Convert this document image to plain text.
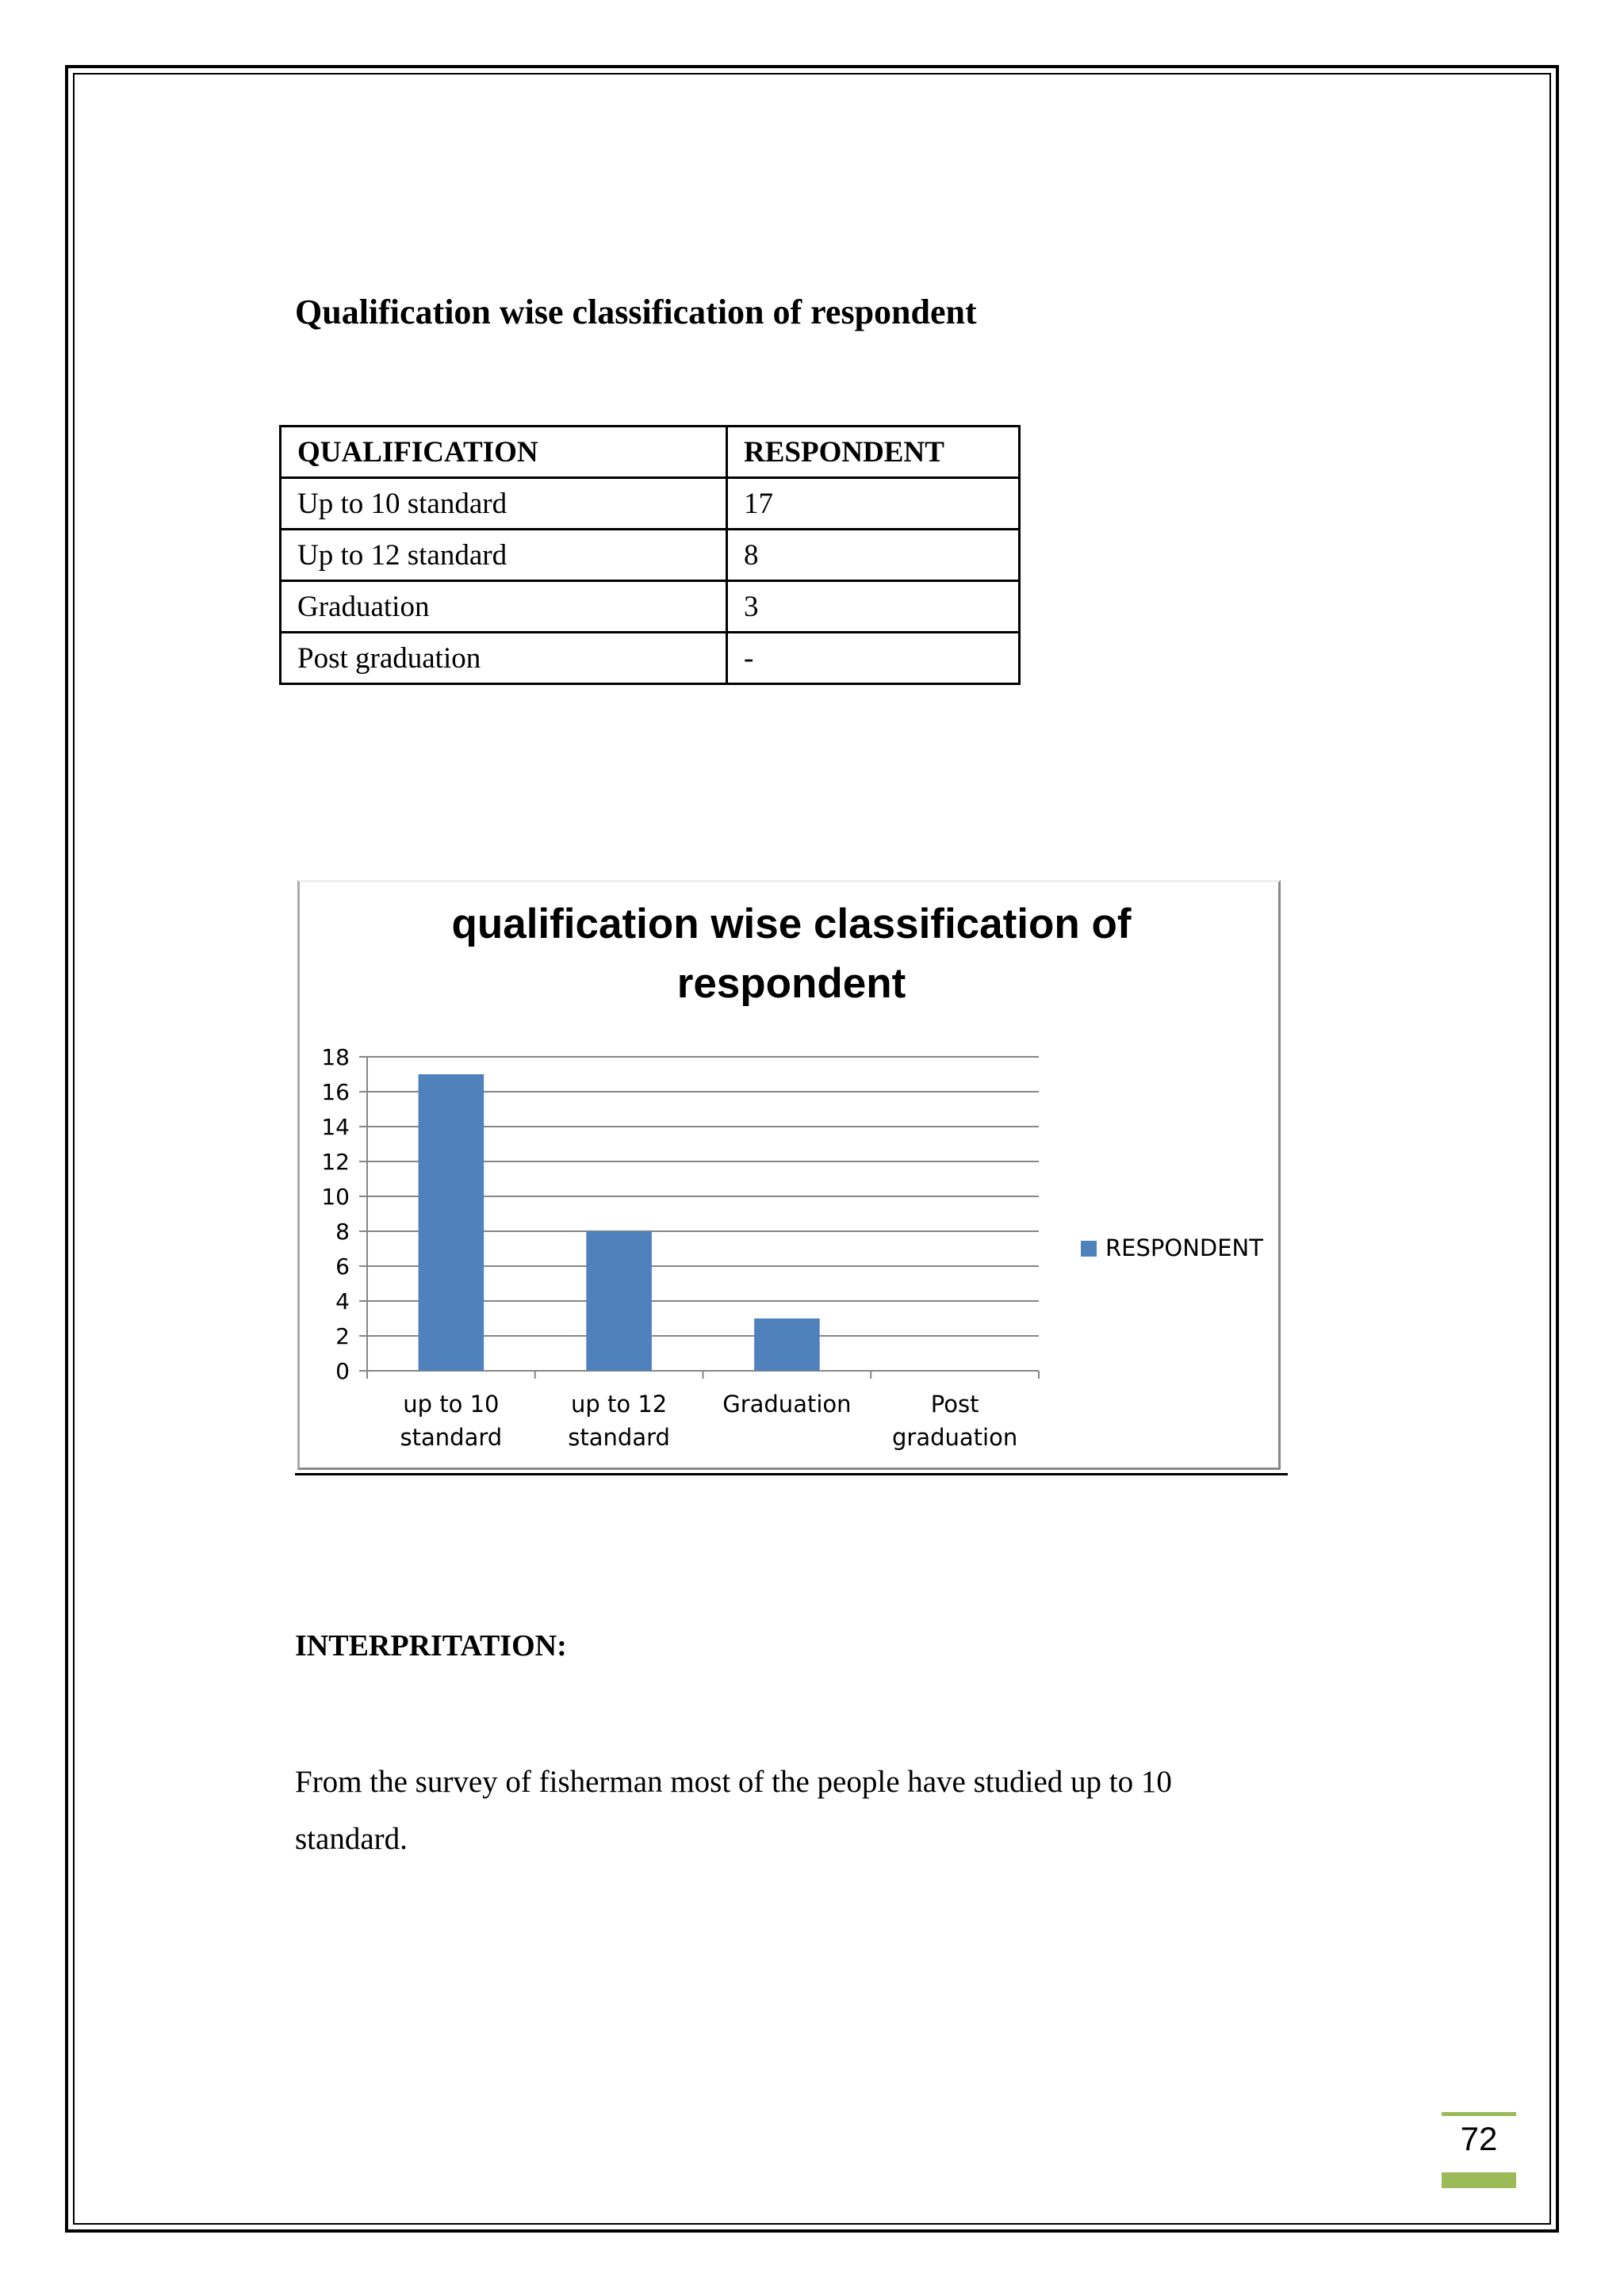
Qualification wise classification of respondent
QUALIFICATION	RESPONDENT
Up to 10 standard	17
Up to 12 standard	8
Graduation	3
Post graduation	-
qualification wise classification of
respondent
0
2
4
6
8
10
12
14
16
18
up to 10 standard
up to 12 standard
Graduation	Post graduation
RESPONDENT
INTERPRITATION:
From the survey of fisherman most of the people have studied up to 10 standard.
72
